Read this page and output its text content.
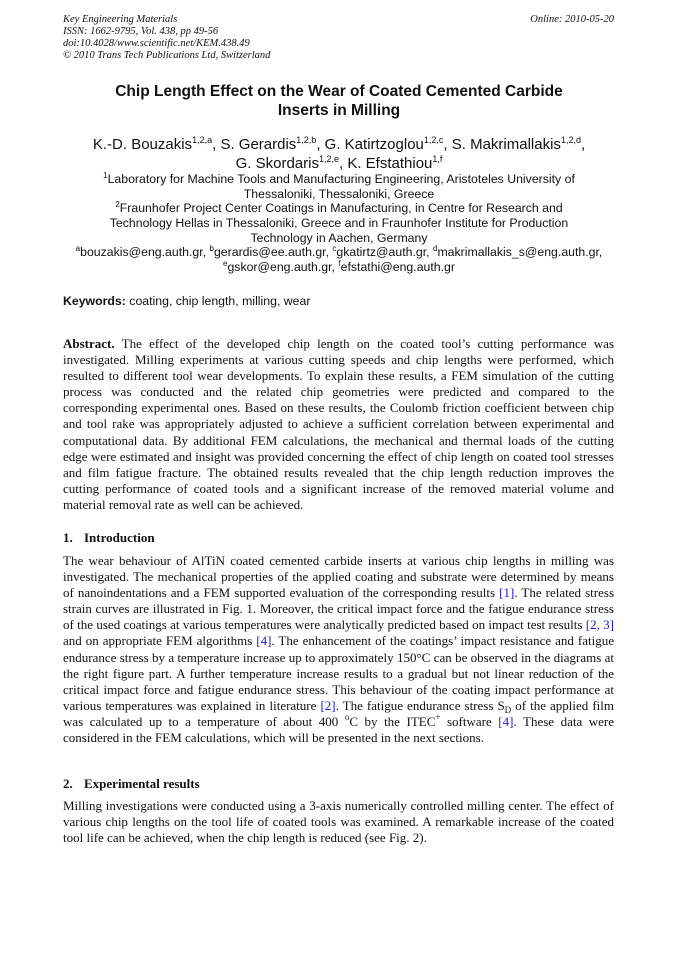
Key Engineering Materials
ISSN: 1662-9795, Vol. 438, pp 49-56
doi:10.4028/www.scientific.net/KEM.438.49
© 2010 Trans Tech Publications Ltd, Switzerland
Online: 2010-05-20
Chip Length Effect on the Wear of Coated Cemented Carbide
Inserts in Milling
K.-D. Bouzakis$^{1,2,a}$, S. Gerardis$^{1,2,b}$, G. Katirtzoglou$^{1,2,c}$, S. Makrimallakis$^{1,2,d}$,
G. Skordaris$^{1,2,e}$, K. Efstathiou$^{1,f}$
$^1$Laboratory for Machine Tools and Manufacturing Engineering, Aristoteles University of
Thessaloniki, Thessaloniki, Greece
$^2$Fraunhofer Project Center Coatings in Manufacturing, in Centre for Research and
Technology Hellas in Thessaloniki, Greece and in Fraunhofer Institute for Production
Technology in Aachen, Germany
$^a$bouzakis@eng.auth.gr, $^b$gerardis@ee.auth.gr, $^c$gkatirtz@auth.gr, $^d$makrimallakis_s@eng.auth.gr,
$^e$gskor@eng.auth.gr, $^f$efstathi@eng.auth.gr
Keywords: coating, chip length, milling, wear
Abstract. The effect of the developed chip length on the coated tool’s cutting performance was investigated. Milling experiments at various cutting speeds and chip lengths were performed, which resulted to different tool wear developments. To explain these results, a FEM simulation of the cutting process was conducted and the related chip geometries were predicted and compared to the corresponding experimental ones. Based on these results, the Coulomb friction coefficient between chip and tool rake was appropriately adjusted to achieve a sufficient correlation between experimental and computational data. By additional FEM calculations, the mechanical and thermal loads of the cutting edge were estimated and insight was provided concerning the effect of chip length on coated tool stresses and film fatigue fracture. The obtained results revealed that the chip length reduction improves the cutting performance of coated tools and a significant increase of the removed material volume and material removal rate as well can be achieved.
1. Introduction
The wear behaviour of AlTiN coated cemented carbide inserts at various chip lengths in milling was investigated. The mechanical properties of the applied coating and substrate were determined by means of nanoindentations and a FEM supported evaluation of the corresponding results [1]. The related stress strain curves are illustrated in Fig. 1. Moreover, the critical impact force and the fatigue endurance stress of the used coatings at various temperatures were analytically predicted based on impact test results [2, 3] and on appropriate FEM algorithms [4]. The enhancement of the coatings’ impact resistance and fatigue endurance stress by a temperature increase up to approximately 150°C can be observed in the diagrams at the right figure part. A further temperature increase results to a gradual but not linear reduction of the critical impact force and fatigue endurance stress. This behaviour of the coating impact performance at various temperatures was explained in literature [2]. The fatigue endurance stress $S_D$ of the applied film was calculated up to a temperature of about 400 $^o$C by the ITEC+ software [4]. These data were considered in the FEM calculations, which will be presented in the next sections.
2. Experimental results
Milling investigations were conducted using a 3-axis numerically controlled milling center. The effect of various chip lengths on the tool life of coated tools was examined. A remarkable increase of the coated tool life can be achieved, when the chip length is reduced (see Fig. 2).
